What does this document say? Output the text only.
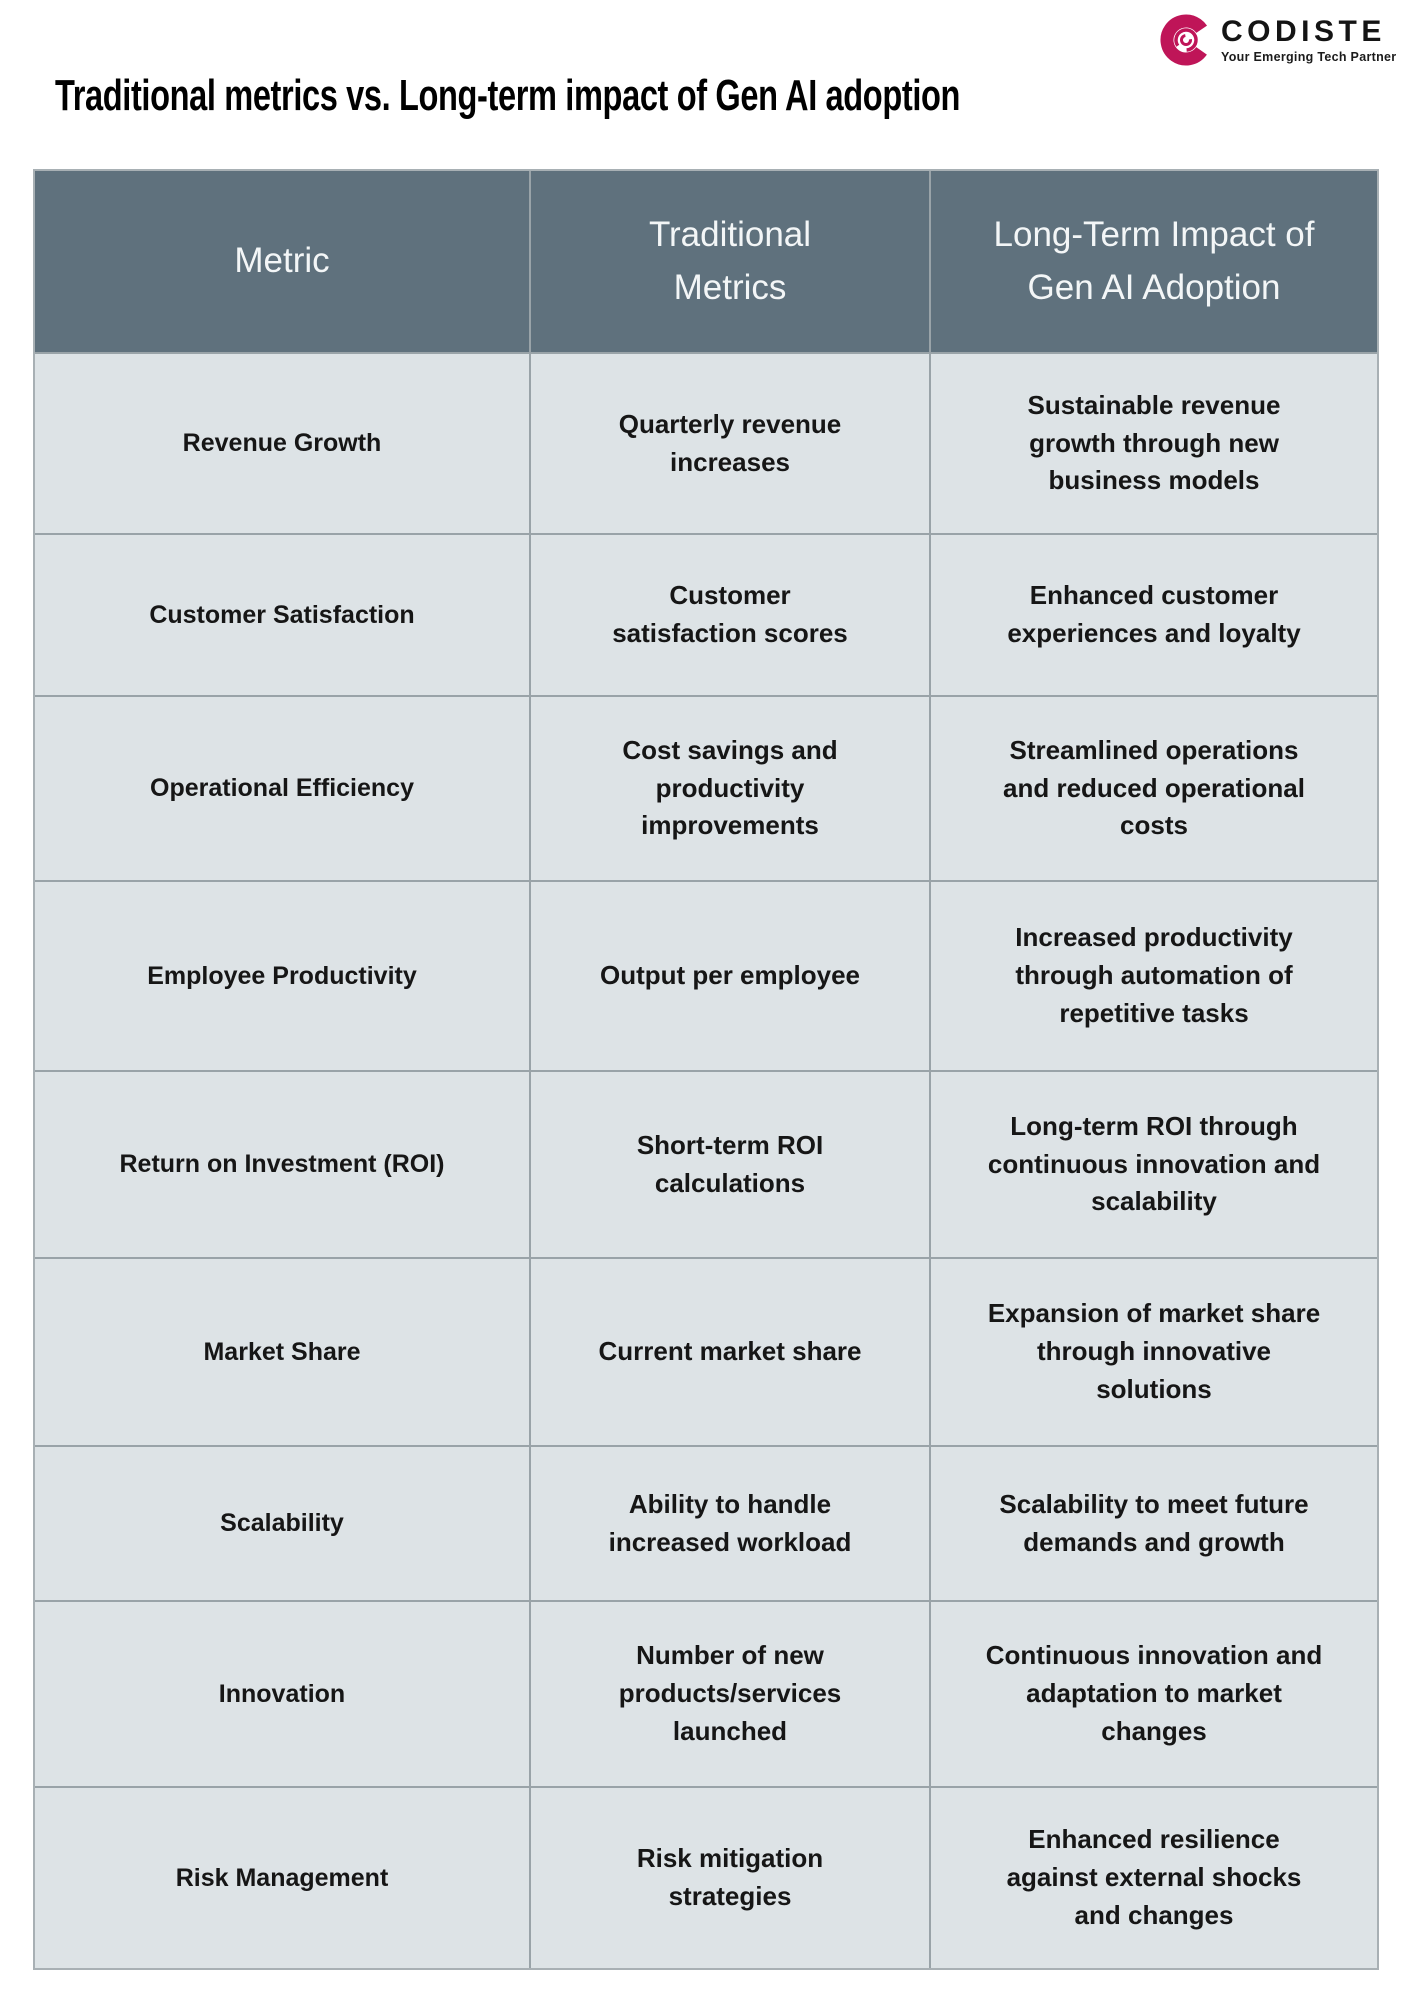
CODISTE
Your Emerging Tech Partner
Traditional metrics vs. Long-term impact of Gen AI adoption
Metric
Traditional Metrics
Long-Term Impact of Gen AI Adoption
Revenue Growth
Quarterly revenue increases
Sustainable revenue growth through new business models
Customer Satisfaction
Customer satisfaction scores
Enhanced customer experiences and loyalty
Operational Efficiency
Cost savings and productivity improvements
Streamlined operations and reduced operational costs
Employee Productivity	Output per employee
Increased productivity through automation of repetitive tasks
Return on Investment (ROI)
Short-term ROI calculations
Long-term ROI through continuous innovation and scalability
Market Share	Current market share
Expansion of market share through innovative solutions
Scalability
Ability to handle increased workload
Scalability to meet future demands and growth
Innovation
Number of new products/services launched
Continuous innovation and adaptation to market changes
Risk Management
Risk mitigation strategies
Enhanced resilience against external shocks and changes
